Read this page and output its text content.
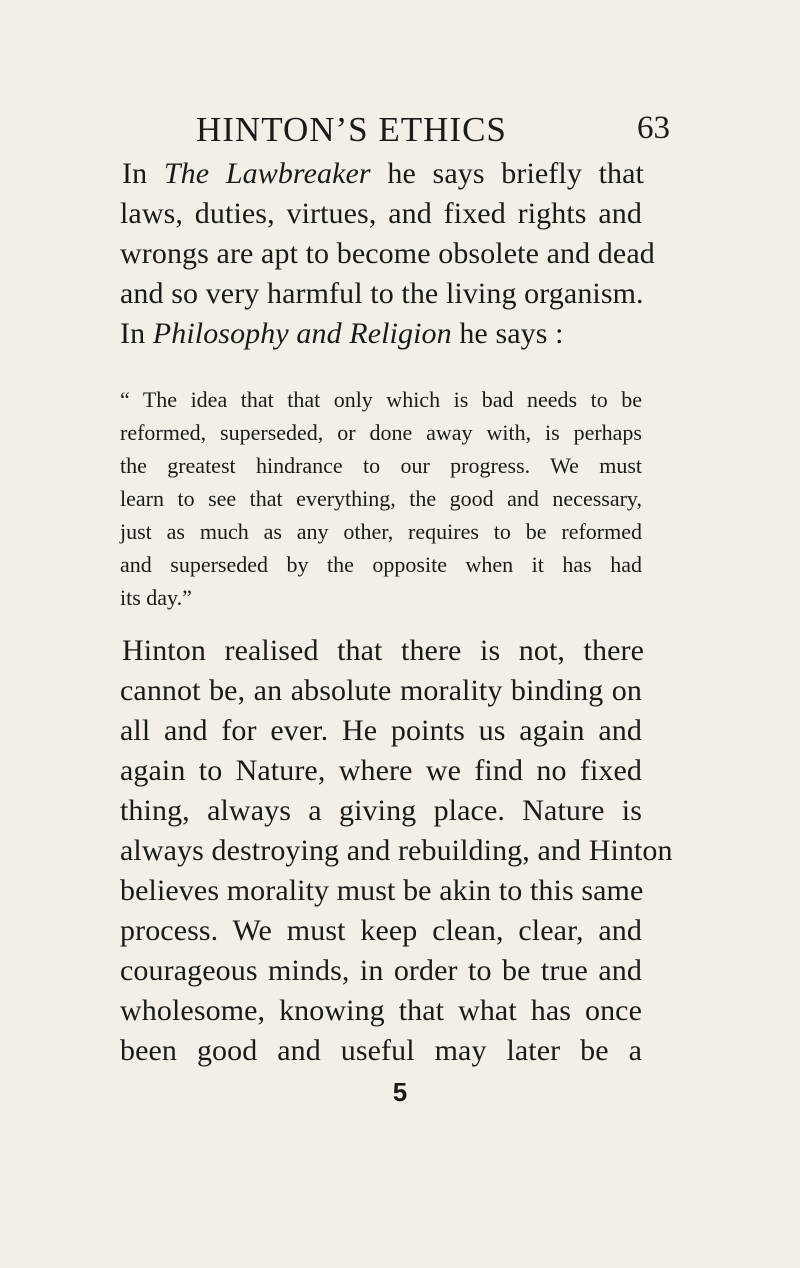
HINTON’S ETHICS	63
In The Lawbreaker he says briefly that
laws, duties, virtues, and fixed rights and
wrongs are apt to become obsolete and dead
and so very harmful to the living organism.
In Philosophy and Religion he says :
“ The idea that that only which is bad needs to be
reformed, superseded, or done away with, is perhaps
the greatest hindrance to our progress. We must
learn to see that everything, the good and necessary,
just as much as any other, requires to be reformed
and superseded by the opposite when it has had
its day.”
Hinton realised that there is not, there
cannot be, an absolute morality binding on
all and for ever. He points us again and
again to Nature, where we find no fixed
thing, always a giving place. Nature is
always destroying and rebuilding, and Hinton
believes morality must be akin to this same
process. We must keep clean, clear, and
courageous minds, in order to be true and
wholesome, knowing that what has once
been good and useful may later be a
5
